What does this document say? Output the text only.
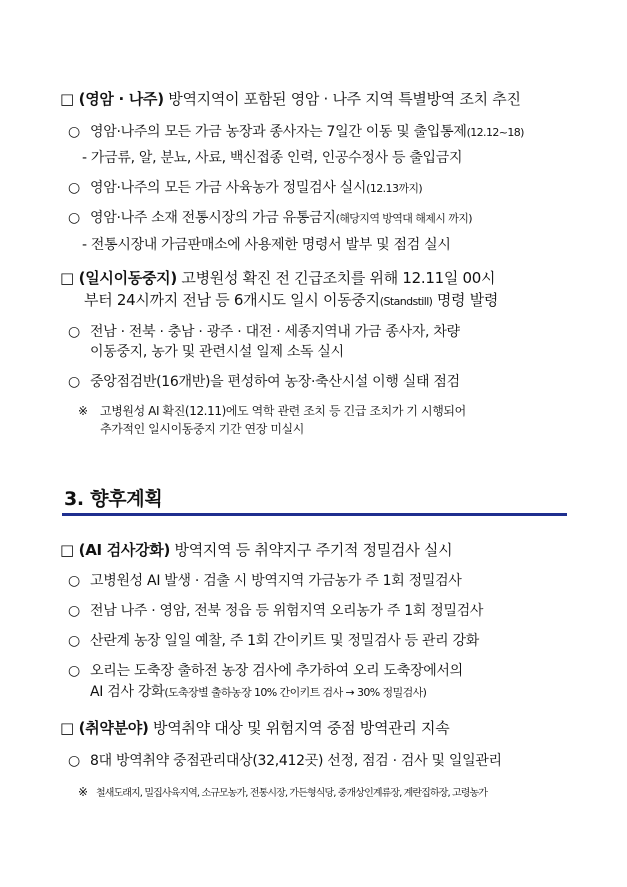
□ (영암 · 나주) 방역지역이 포함된 영암 · 나주 지역 특별방역 조치 추진
○ 영암·나주의 모든 가금 농장과 종사자는 7일간 이동 및 출입통제(12.12~18)
- 가금류, 알, 분뇨, 사료, 백신접종 인력, 인공수정사 등 출입금지
○ 영암·나주의 모든 가금 사육농가 정밀검사 실시(12.13까지)
○ 영암·나주 소재 전통시장의 가금 유통금지(해당지역 방역대 해제시 까지)
- 전통시장내 가금판매소에 사용제한 명령서 발부 및 점검 실시
□ (일시이동중지) 고병원성 확진 전 긴급조치를 위해 12.11일 00시
부터 24시까지 전남 등 6개시도 일시 이동중지(Standstill) 명령 발령
○ 전남 · 전북 · 충남 · 광주 · 대전 · 세종지역내 가금 종사자, 차량
이동중지, 농가 및 관련시설 일제 소독 실시
○ 중앙점검반(16개반)을 편성하여 농장·축산시설 이행 실태 점검
※ 고병원성 AI 확진(12.11)에도 역학 관련 조치 등 긴급 조치가 기 시행되어
추가적인 일시이동중지 기간 연장 미실시
3. 향후계획
□ (AI 검사강화) 방역지역 등 취약지구 주기적 정밀검사 실시
○ 고병원성 AI 발생 · 검출 시 방역지역 가금농가 주 1회 정밀검사
○ 전남 나주 · 영암, 전북 정읍 등 위험지역 오리농가 주 1회 정밀검사
○ 산란계 농장 일일 예찰, 주 1회 간이키트 및 정밀검사 등 관리 강화
○ 오리는 도축장 출하전 농장 검사에 추가하여 오리 도축장에서의
AI 검사 강화(도축장별 출하농장 10% 간이키트 검사 → 30% 정밀검사)
□ (취약분야) 방역취약 대상 및 위험지역 중점 방역관리 지속
○ 8대 방역취약 중점관리대상(32,412곳) 선정, 점검 · 검사 및 일일관리
※ 철새도래지, 밀집사육지역, 소규모농가, 전통시장, 가든형식당, 중개상인계류장, 계란집하장, 고령농가
